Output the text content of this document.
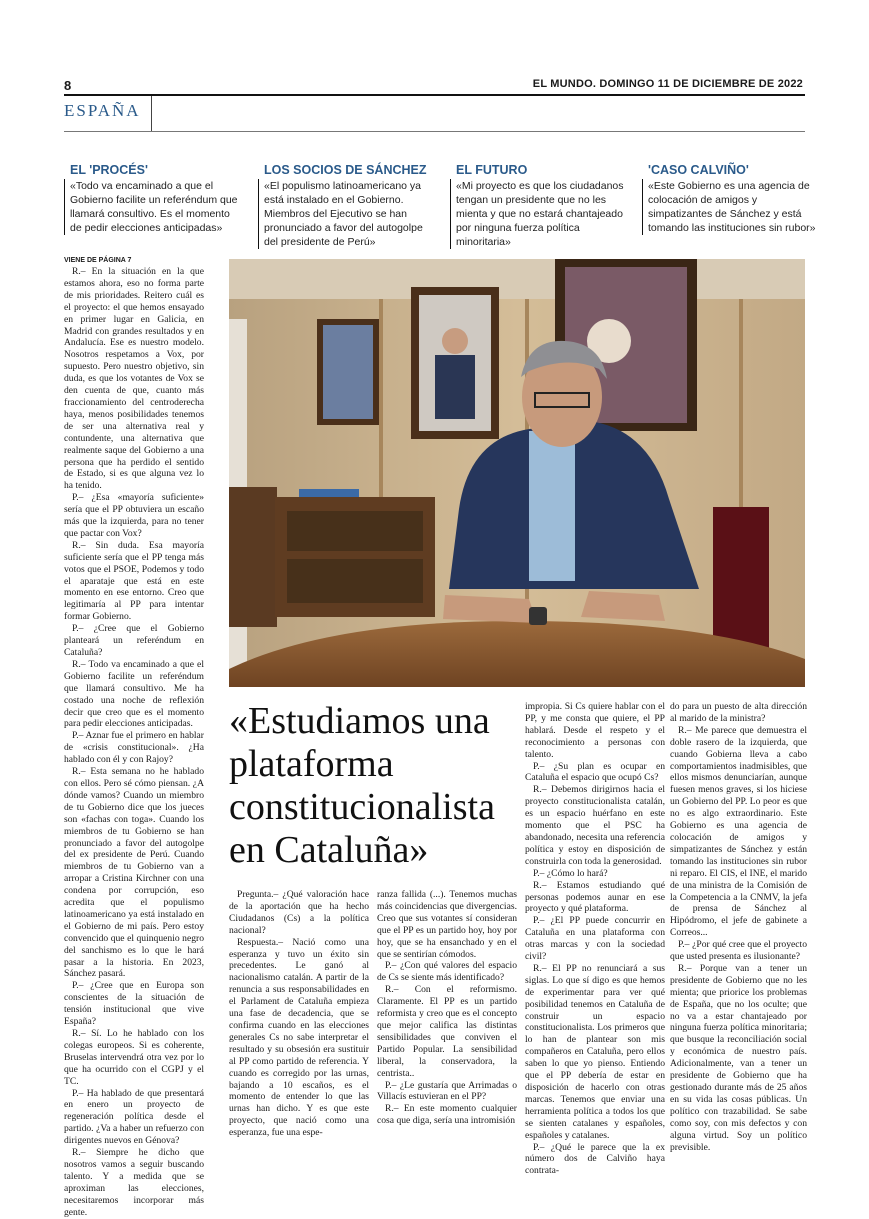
8	EL MUNDO. DOMINGO 11 DE DICIEMBRE DE 2022
ESPAÑA
EL 'PROCÉS'

«Todo va encaminado a que el Gobierno facilite un referéndum que llamará consultivo. Es el momento de pedir elecciones anticipadas»

LOS SOCIOS DE SÁNCHEZ

«El populismo latinoamericano ya está instalado en el Gobierno. Miembros del Ejecutivo se han pronunciado a favor del autogolpe del presidente de Perú»

EL FUTURO

«Mi proyecto es que los ciudadanos tengan un presidente que no les mienta y que no estará chantajeado por ninguna fuerza política minoritaria»

'CASO CALVIÑO'

«Este Gobierno es una agencia de colocación de amigos y simpatizantes de Sánchez y está tomando las instituciones sin rubor»

VIENE DE PÁGINA 7

R.– En la situación en la que estamos ahora, eso no forma parte de mis prioridades. Reitero cuál es el proyecto: el que hemos ensayado en primer lugar en Galicia, en Madrid con grandes resultados y en Andalucía. Ese es nuestro modelo. Nosotros respetamos a Vox, por supuesto. Pero nuestro objetivo, sin duda, es que los votantes de Vox se den cuenta de que, cuanto más fraccionamiento del centroderecha haya, menos posibilidades tenemos de ser una alternativa real y contundente, una alternativa que realmente saque del Gobierno a una persona que ha perdido el sentido de Estado, si es que alguna vez lo ha tenido.

P.– ¿Esa «mayoría suficiente» sería que el PP obtuviera un escaño más que la izquierda, para no tener que pactar con Vox?

R.– Sin duda. Esa mayoría suficiente sería que el PP tenga más votos que el PSOE, Podemos y todo el aparataje que está en este momento en ese entorno. Creo que legitimaría al PP para intentar formar Gobierno.

P.– ¿Cree que el Gobierno planteará un referéndum en Cataluña?

R.– Todo va encaminado a que el Gobierno facilite un referéndum que llamará consultivo. Me ha costado una noche de reflexión decir que creo que es el momento para pedir elecciones anticipadas.

P.– Aznar fue el primero en hablar de «crisis constitucional». ¿Ha hablado con él y con Rajoy?

R.– Esta semana no he hablado con ellos. Pero sé cómo piensan. ¿A dónde vamos? Cuando un miembro de tu Gobierno dice que los jueces son «fachas con toga». Cuando los miembros de tu Gobierno se han pronunciado a favor del autogolpe del ex presidente de Perú. Cuando miembros de tu Gobierno van a arropar a Cristina Kirchner con una condena por corrupción, eso acredita que el populismo latinoamericano ya está instalado en el Gobierno de mi país. Pero estoy convencido que el quinquenio negro del sanchismo es lo que le hará pasar a la historia. En 2023, Sánchez pasará.

P.– ¿Cree que en Europa son conscientes de la situación de tensión institucional que vive España?

R.– Sí. Lo he hablado con los colegas europeos. Si es coherente, Bruselas intervendrá otra vez por lo que ha ocurrido con el CGPJ y el TC.

P.– Ha hablado de que presentará en enero un proyecto de regeneración política desde el partido. ¿Va a haber un refuerzo con dirigentes nuevos en Génova?

R.– Siempre he dicho que nosotros vamos a seguir buscando talento. Y a medida que se aproximan las elecciones, necesitaremos incorporar más gente.

«Estudiamos una plataforma constitucionalista en Cataluña»

Pregunta.– ¿Qué valoración hace de la aportación que ha hecho Ciudadanos (Cs) a la política nacional?

Respuesta.– Nació como una esperanza y tuvo un éxito sin precedentes. Le ganó al nacionalismo catalán. A partir de la renuncia a sus responsabilidades en el Parlament de Cataluña empieza una fase de decadencia, que se confirma cuando en las elecciones generales Cs no sabe interpretar el resultado y su obsesión era sustituir al PP como partido de referencia. Y cuando es corregido por las urnas, bajando a 10 escaños, es el momento de entender lo que las urnas han dicho. Y es que este proyecto, que nació como una esperanza, fue una espe-

ranza fallida (...). Tenemos muchas más coincidencias que divergencias. Creo que sus votantes sí consideran que el PP es un partido hoy, hoy por hoy, que se ha ensanchado y en el que se sentirían cómodos.

P.– ¿Con qué valores del espacio de Cs se siente más identificado?

R.– Con el reformismo. Claramente. El PP es un partido reformista y creo que es el concepto que mejor califica las distintas sensibilidades que conviven el Partido Popular. La sensibilidad liberal, la conservadora, la centrista..

P.– ¿Le gustaría que Arrimadas o Villacís estuvieran en el PP?

R.– En este momento cualquier cosa que diga, sería una intromisión

impropia. Si Cs quiere hablar con el PP, y me consta que quiere, el PP hablará. Desde el respeto y el reconocimiento a personas con talento.

P.– ¿Su plan es ocupar en Cataluña el espacio que ocupó Cs?

R.– Debemos dirigirnos hacia el proyecto constitucionalista catalán, es un espacio huérfano en este momento que el PSC ha abandonado, necesita una referencia política y estoy en disposición de construirla con toda la generosidad.

P.– ¿Cómo lo hará?

R.– Estamos estudiando qué personas podemos aunar en ese proyecto y qué plataforma.

P.– ¿El PP puede concurrir en Cataluña en una plataforma con otras marcas y con la sociedad civil?

R.– El PP no renunciará a sus siglas. Lo que sí digo es que hemos de experimentar para ver qué posibilidad tenemos en Cataluña de construir un espacio constitucionalista. Los primeros que lo han de plantear son mis compañeros en Cataluña, pero ellos saben lo que yo pienso. Entiendo que el PP debería de estar en disposición de hacerlo con otras marcas. Tenemos que enviar una herramienta política a todos los que se sienten catalanes y españoles, españoles y catalanes.

P.– ¿Qué le parece que la ex número dos de Calviño haya contrata-

do para un puesto de alta dirección al marido de la ministra?

R.– Me parece que demuestra el doble rasero de la izquierda, que cuando Gobierna lleva a cabo comportamientos inadmisibles, que ellos mismos denunciarían, aunque fuesen menos graves, si los hiciese un Gobierno del PP. Lo peor es que no es algo extraordinario. Este Gobierno es una agencia de colocación de amigos y simpatizantes de Sánchez y están tomando las instituciones sin rubor ni reparo. El CIS, el INE, el marido de una ministra de la Comisión de la Competencia a la CNMV, la jefa de prensa de Sánchez al Hipódromo, el jefe de gabinete a Correos...

P.– ¿Por qué cree que el proyecto que usted presenta es ilusionante?

R.– Porque van a tener un presidente de Gobierno que no les mienta; que priorice los problemas de España, que no los oculte; que no va a estar chantajeado por ninguna fuerza política minoritaria; que busque la reconciliación social y económica de nuestro país. Adicionalmente, van a tener un presidente de Gobierno que ha gestionado durante más de 25 años en su vida las cosas públicas. Un político con trazabilidad. Se sabe como soy, con mis defectos y con alguna virtud. Soy un político previsible.
